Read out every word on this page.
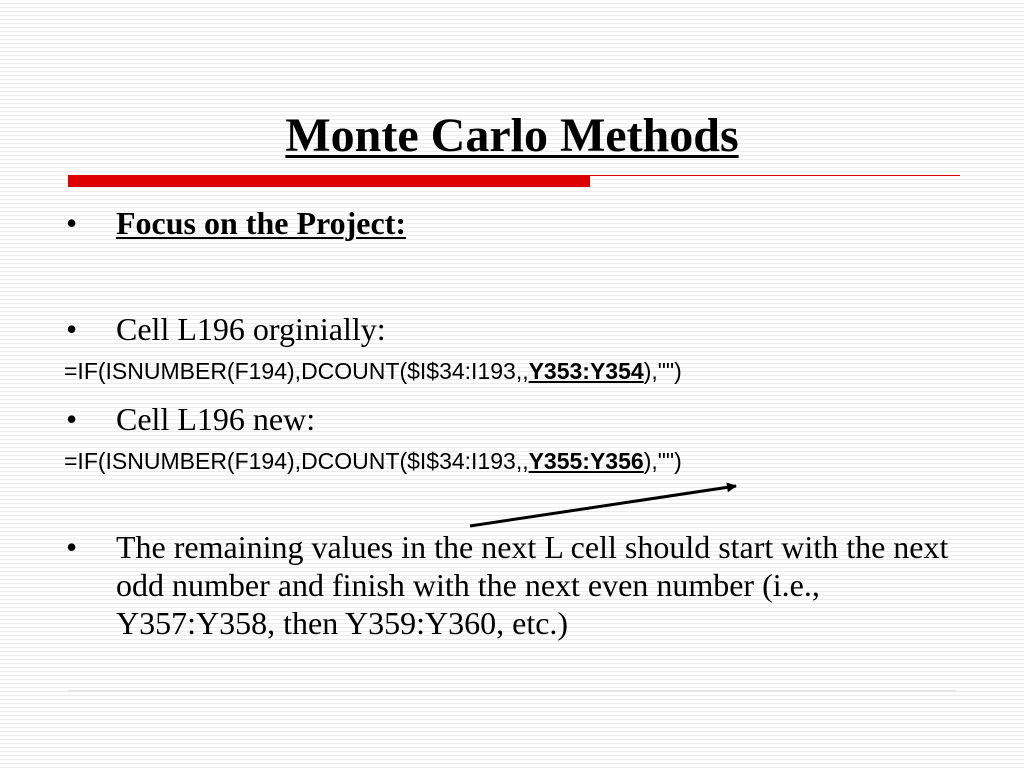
Monte Carlo Methods
• Focus on the Project:
• Cell L196 orginially:
=IF(ISNUMBER(F194),DCOUNT($I$34:I193,,Y353:Y354),"")
• Cell L196 new:
=IF(ISNUMBER(F194),DCOUNT($I$34:I193,,Y355:Y356),"")
• The remaining values in the next L cell should start with the next odd number and finish with the next even number (i.e., Y357:Y358, then Y359:Y360, etc.)
